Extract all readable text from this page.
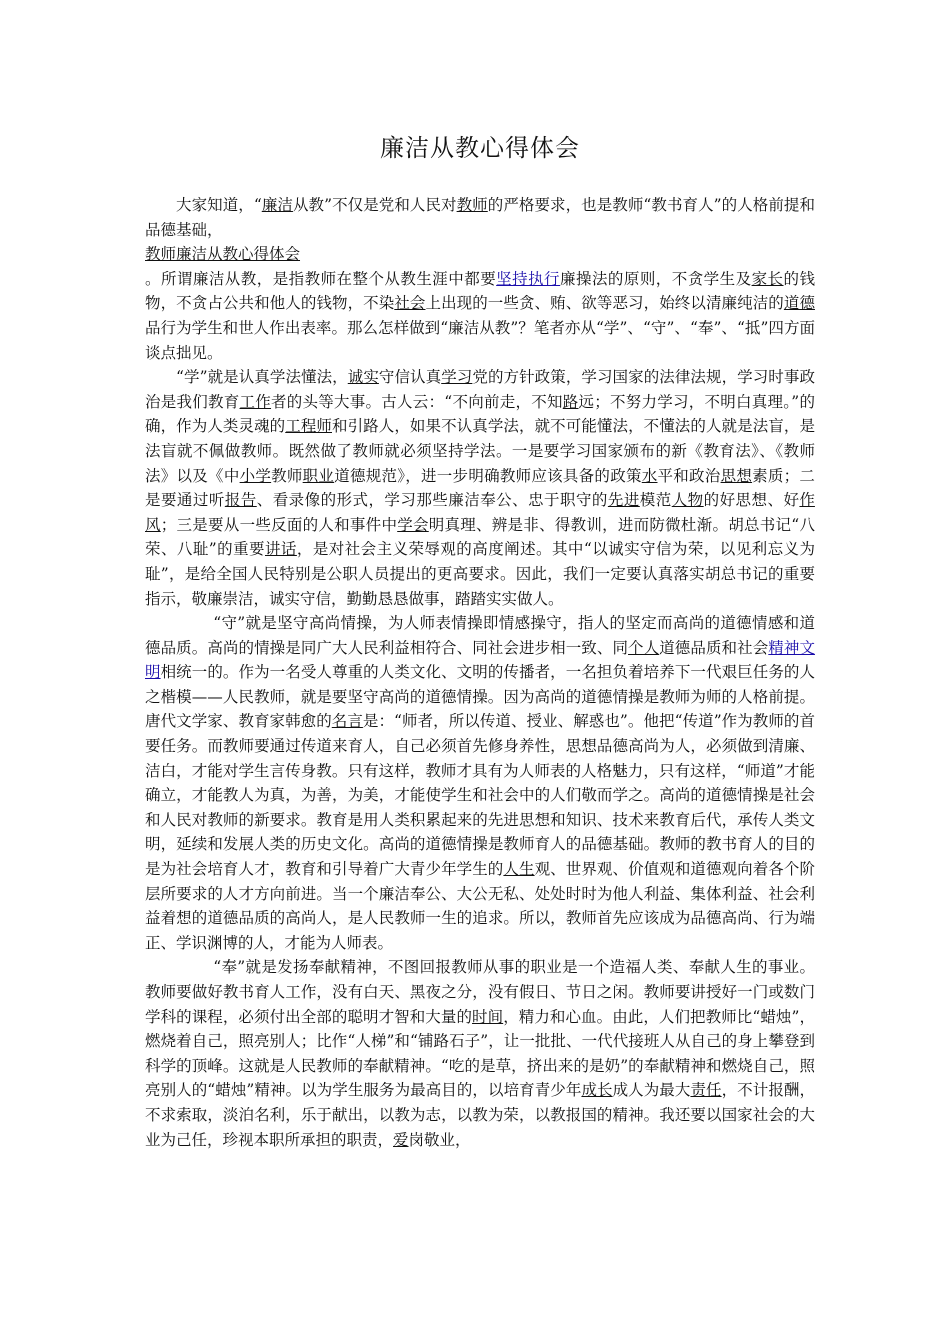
廉洁从教心得体会

大家知道，“廉洁从教”不仅是党和人民对教师的严格要求，也是教师“教书育人”的人格前提和品德基础，

教师廉洁从教心得体会

。所谓廉洁从教，是指教师在整个从教生涯中都要坚持执行廉操法的原则，不贪学生及家长的钱物，不贪占公共和他人的钱物，不染社会上出现的一些贪、贿、欲等恶习，始终以清廉纯洁的道德品行为学生和世人作出表率。那么怎样做到“廉洁从教”？笔者亦从“学”、“守”、“奉”、“抵”四方面谈点拙见。

“学”就是认真学法懂法，诚实守信认真学习党的方针政策，学习国家的法律法规，学习时事政治是我们教育工作者的头等大事。古人云：“不向前走，不知路远；不努力学习，不明白真理。”的确，作为人类灵魂的工程师和引路人，如果不认真学法，就不可能懂法，不懂法的人就是法盲，是法盲就不佩做教师。既然做了教师就必须坚持学法。一是要学习国家颁布的新《教育法》、《教师法》以及《中小学教师职业道德规范》，进一步明确教师应该具备的政策水平和政治思想素质；二是要通过听报告、看录像的形式，学习那些廉洁奉公、忠于职守的先进模范人物的好思想、好作风；三是要从一些反面的人和事件中学会明真理、辨是非、得教训，进而防微杜渐。胡总书记“八荣、八耻”的重要讲话，是对社会主义荣辱观的高度阐述。其中“以诚实守信为荣，以见利忘义为耻”，是给全国人民特别是公职人员提出的更高要求。因此，我们一定要认真落实胡总书记的重要指示，敬廉崇洁，诚实守信，勤勤恳恳做事，踏踏实实做人。

“守”就是坚守高尚情操，为人师表情操即情感操守，指人的坚定而高尚的道德情感和道德品质。高尚的情操是同广大人民利益相符合、同社会进步相一致、同个人道德品质和社会精神文明相统一的。作为一名受人尊重的人类文化、文明的传播者，一名担负着培养下一代艰巨任务的人之楷模——人民教师，就是要坚守高尚的道德情操。因为高尚的道德情操是教师为师的人格前提。唐代文学家、教育家韩愈的名言是：“师者，所以传道、授业、解惑也”。他把“传道”作为教师的首要任务。而教师要通过传道来育人，自己必须首先修身养性，思想品德高尚为人，必须做到清廉、洁白，才能对学生言传身教。只有这样，教师才具有为人师表的人格魅力，只有这样，“师道”才能确立，才能教人为真，为善，为美，才能使学生和社会中的人们敬而学之。高尚的道德情操是社会和人民对教师的新要求。教育是用人类积累起来的先进思想和知识、技术来教育后代，承传人类文明，延续和发展人类的历史文化。高尚的道德情操是教师育人的品德基础。教师的教书育人的目的是为社会培育人才，教育和引导着广大青少年学生的人生观、世界观、价值观和道德观向着各个阶层所要求的人才方向前进。当一个廉洁奉公、大公无私、处处时时为他人利益、集体利益、社会利益着想的道德品质的高尚人，是人民教师一生的追求。所以，教师首先应该成为品德高尚、行为端正、学识渊博的人，才能为人师表。

“奉”就是发扬奉献精神，不图回报教师从事的职业是一个造福人类、奉献人生的事业。教师要做好教书育人工作，没有白天、黑夜之分，没有假日、节日之闲。教师要讲授好一门或数门学科的课程，必须付出全部的聪明才智和大量的时间，精力和心血。由此，人们把教师比“蜡烛”，燃烧着自己，照亮别人；比作“人梯”和“铺路石子”，让一批批、一代代接班人从自己的身上攀登到科学的顶峰。这就是人民教师的奉献精神。“吃的是草，挤出来的是奶”的奉献精神和燃烧自己，照亮别人的“蜡烛”精神。以为学生服务为最高目的，以培育青少年成长成人为最大责任，不计报酬，不求索取，淡泊名利，乐于献出，以教为志，以教为荣，以教报国的精神。我还要以国家社会的大业为己任，珍视本职所承担的职责，爱岗敬业，
